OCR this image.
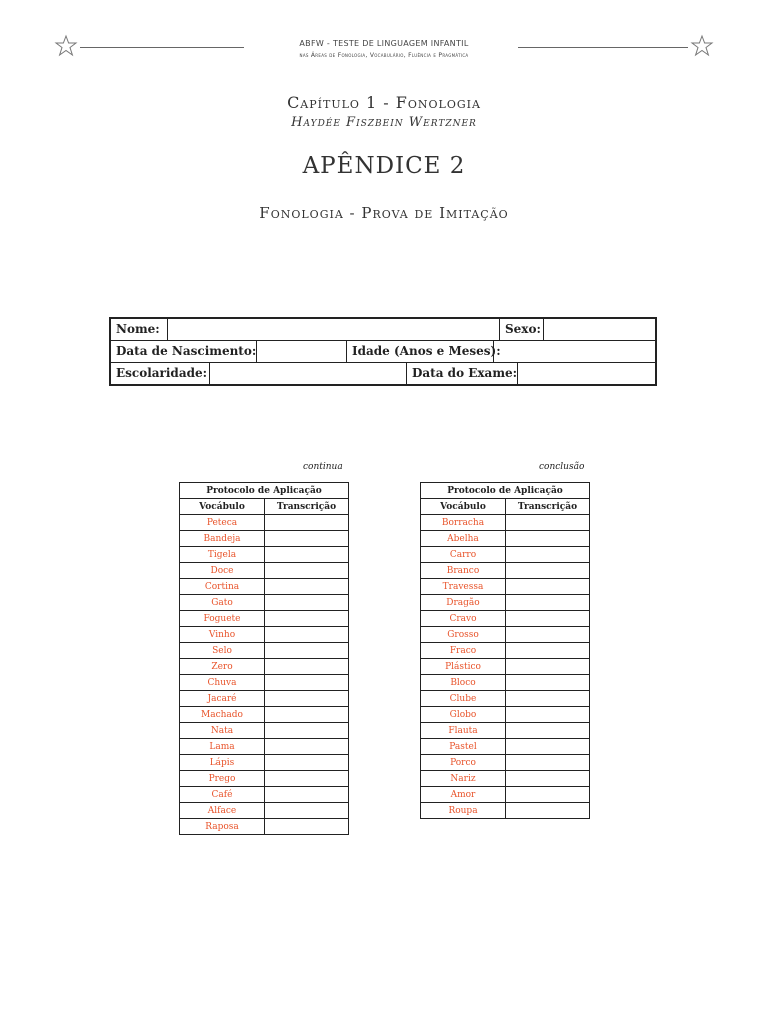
ABFW - TESTE DE LINGUAGEM INFANTIL
nas Áreas de Fonologia, Vocabulário, Fluência e Pragmática
Capítulo 1 - Fonologia
Haydée Fiszbein Wertzner
APÊNDICE 2
Fonologia - Prova de Imitação
Nome:	Sexo:
Data de Nascimento:	Idade (Anos e Meses):
Escolaridade:	Data do Exame:
continua
Protocolo de Aplicação	
Vocábulo	Transcrição
Peteca	
Bandeja	
Tigela	
Doce	
Cortina	
Gato	
Foguete	
Vinho	
Selo	
Zero	
Chuva	
Jacaré	
Machado	
Nata	
Lama	
Lápis	
Prego	
Café	
Alface	
Raposa	
conclusão
Protocolo de Aplicação	
Vocábulo	Transcrição
Borracha	
Abelha	
Carro	
Branco	
Travessa	
Dragão	
Cravo	
Grosso	
Fraco	
Plástico	
Bloco	
Clube	
Globo	
Flauta	
Pastel	
Porco	
Nariz	
Amor	
Roupa	
